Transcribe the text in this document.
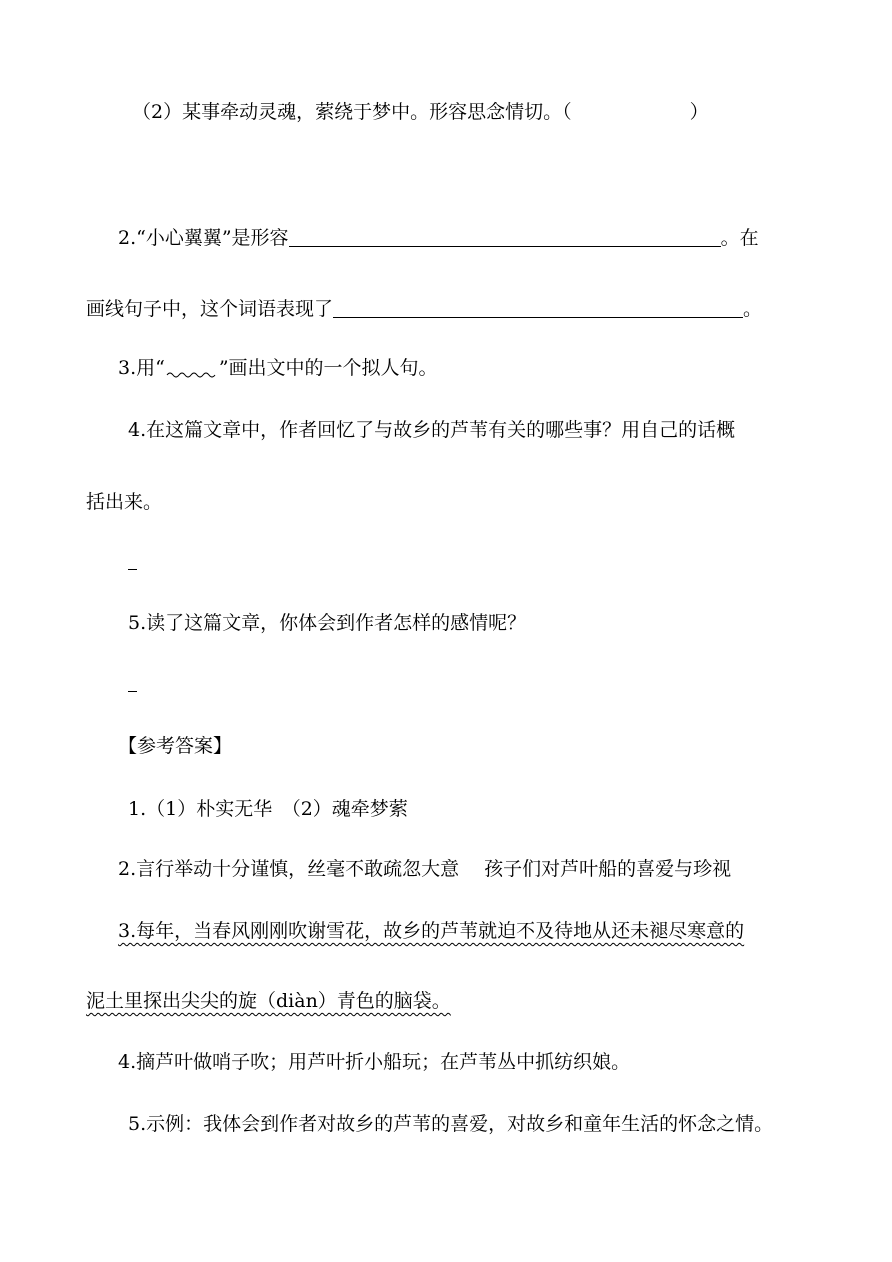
（2）某事牵动灵魂，萦绕于梦中。形容思念情切。（	）
2.“小心翼翼”是形容	。在
画线句子中，这个词语表现了	。
3.用“	”画出文中的一个拟人句。
4.在这篇文章中，作者回忆了与故乡的芦苇有关的哪些事？用自己的话概
括出来。
5.读了这篇文章，你体会到作者怎样的感情呢？
【参考答案】
1.（1）朴实无华　（2）魂牵梦萦
2.言行举动十分谨慎，丝毫不敢疏忽大意　 孩子们对芦叶船的喜爱与珍视
3.每年，当春风刚刚吹谢雪花，故乡的芦苇就迫不及待地从还未褪尽寒意的
泥土里探出尖尖的旋（diàn）青色的脑袋。
4.摘芦叶做哨子吹；用芦叶折小船玩；在芦苇丛中抓纺织娘。
5.示例：我体会到作者对故乡的芦苇的喜爱，对故乡和童年生活的怀念之情。
